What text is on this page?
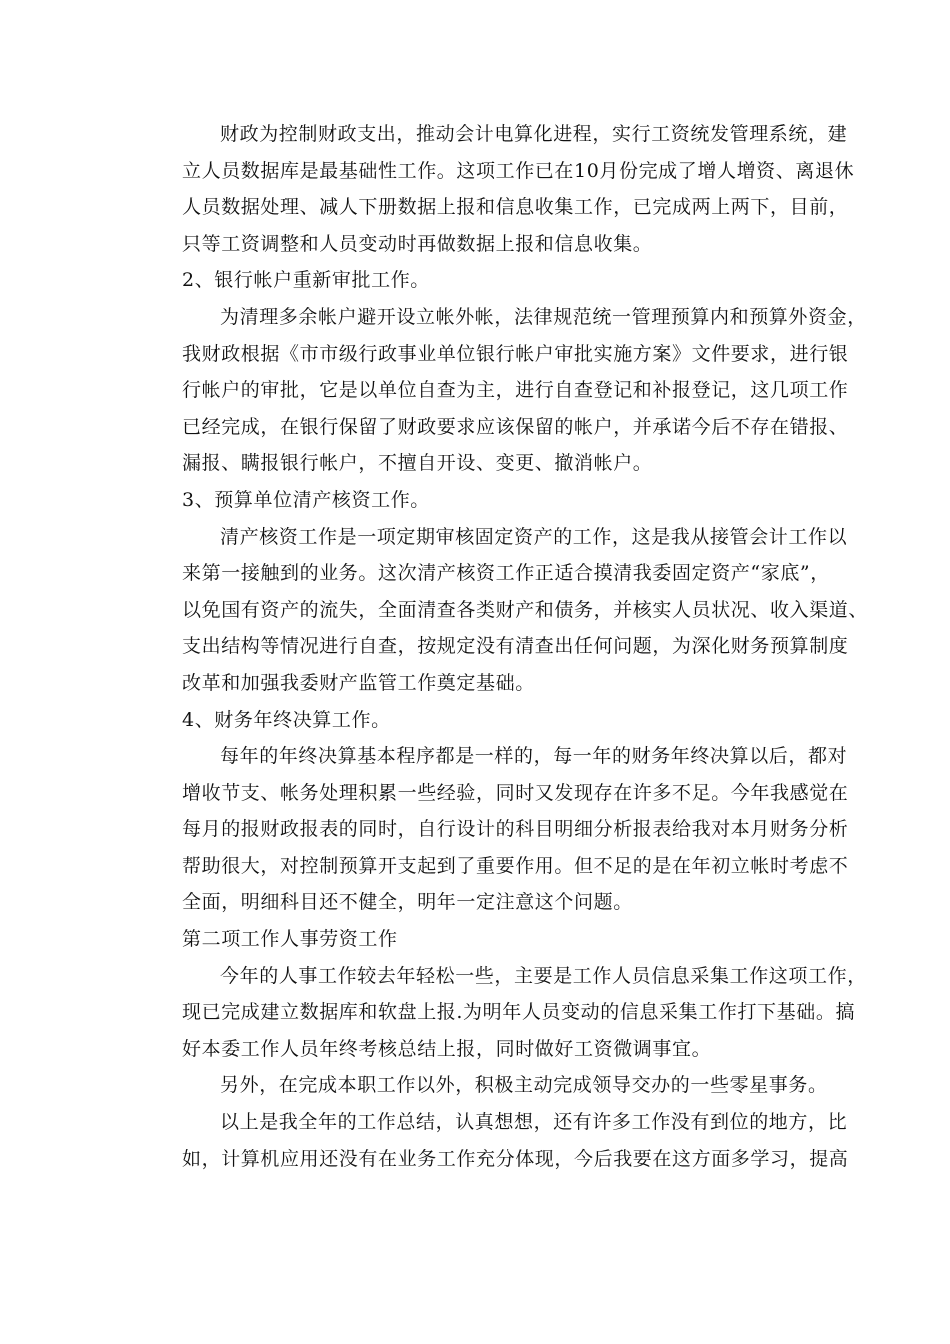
财政为控制财政支出，推动会计电算化进程，实行工资统发管理系统，建
立人员数据库是最基础性工作。这项工作已在10月份完成了增人增资、离退休
人员数据处理、减人下册数据上报和信息收集工作，已完成两上两下，目前，
只等工资调整和人员变动时再做数据上报和信息收集。
2、银行帐户重新审批工作。
为清理多余帐户避开设立帐外帐，法律规范统一管理预算内和预算外资金，
我财政根据《市市级行政事业单位银行帐户审批实施方案》文件要求，进行银
行帐户的审批，它是以单位自查为主，进行自查登记和补报登记，这几项工作
已经完成，在银行保留了财政要求应该保留的帐户，并承诺今后不存在错报、
漏报、瞒报银行帐户，不擅自开设、变更、撤消帐户。
3、预算单位清产核资工作。
清产核资工作是一项定期审核固定资产的工作，这是我从接管会计工作以
来第一接触到的业务。这次清产核资工作正适合摸清我委固定资产“家底”，
以免国有资产的流失，全面清查各类财产和债务，并核实人员状况、收入渠道、
支出结构等情况进行自查，按规定没有清查出任何问题，为深化财务预算制度
改革和加强我委财产监管工作奠定基础。
4、财务年终决算工作。
每年的年终决算基本程序都是一样的，每一年的财务年终决算以后，都对
增收节支、帐务处理积累一些经验，同时又发现存在许多不足。今年我感觉在
每月的报财政报表的同时，自行设计的科目明细分析报表给我对本月财务分析
帮助很大，对控制预算开支起到了重要作用。但不足的是在年初立帐时考虑不
全面，明细科目还不健全，明年一定注意这个问题。
第二项工作人事劳资工作
今年的人事工作较去年轻松一些，主要是工作人员信息采集工作这项工作，
现已完成建立数据库和软盘上报.为明年人员变动的信息采集工作打下基础。搞
好本委工作人员年终考核总结上报，同时做好工资微调事宜。
另外，在完成本职工作以外，积极主动完成领导交办的一些零星事务。
以上是我全年的工作总结，认真想想，还有许多工作没有到位的地方，比
如，计算机应用还没有在业务工作充分体现，今后我要在这方面多学习，提高
